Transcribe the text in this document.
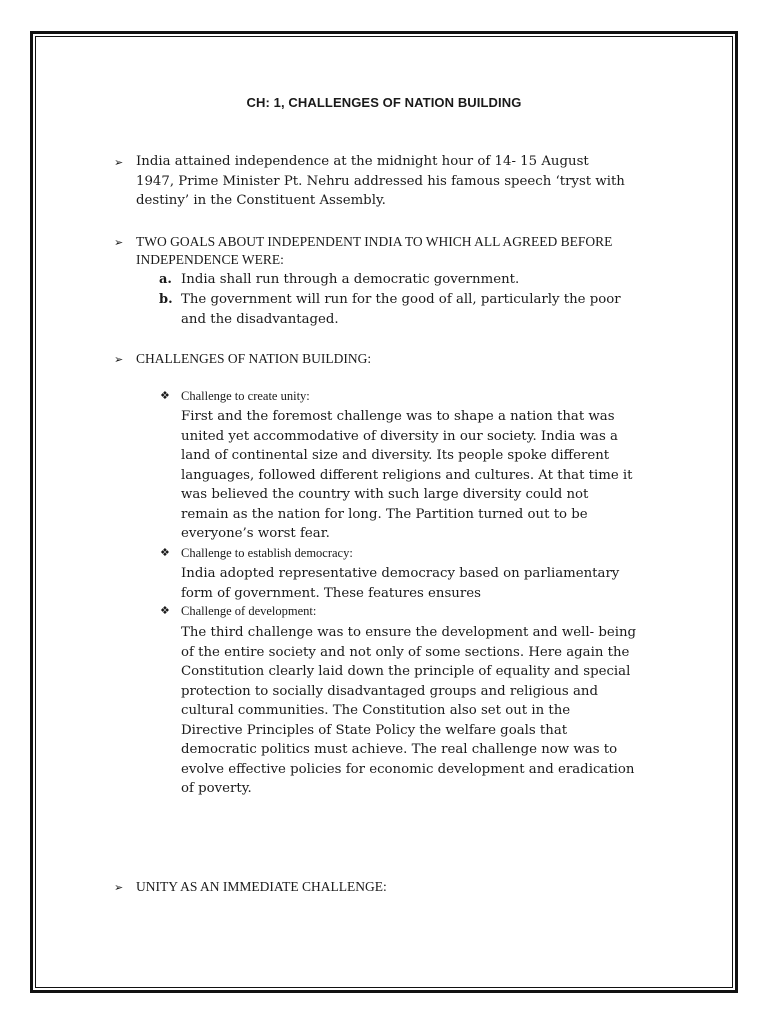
CH: 1, CHALLENGES OF NATION BUILDING
➢ India attained independence at the midnight hour of 14- 15 August
1947, Prime Minister Pt. Nehru addressed his famous speech ‘tryst with
destiny’ in the Constituent Assembly.
➢ TWO GOALS ABOUT INDEPENDENT INDIA TO WHICH ALL AGREED BEFORE
INDEPENDENCE WERE:
a. India shall run through a democratic government.
b. The government will run for the good of all, particularly the poor
and the disadvantaged.
➢ CHALLENGES OF NATION BUILDING:
❖ Challenge to create unity:
First and the foremost challenge was to shape a nation that was
united yet accommodative of diversity in our society. India was a
land of continental size and diversity. Its people spoke different
languages, followed different religions and cultures. At that time it
was believed the country with such large diversity could not
remain as the nation for long. The Partition turned out to be
everyone’s worst fear.
❖ Challenge to establish democracy:
India adopted representative democracy based on parliamentary
form of government. These features ensures
❖ Challenge of development:
The third challenge was to ensure the development and well- being
of the entire society and not only of some sections. Here again the
Constitution clearly laid down the principle of equality and special
protection to socially disadvantaged groups and religious and
cultural communities. The Constitution also set out in the
Directive Principles of State Policy the welfare goals that
democratic politics must achieve. The real challenge now was to
evolve effective policies for economic development and eradication
of poverty.
➢ UNITY AS AN IMMEDIATE CHALLENGE:
